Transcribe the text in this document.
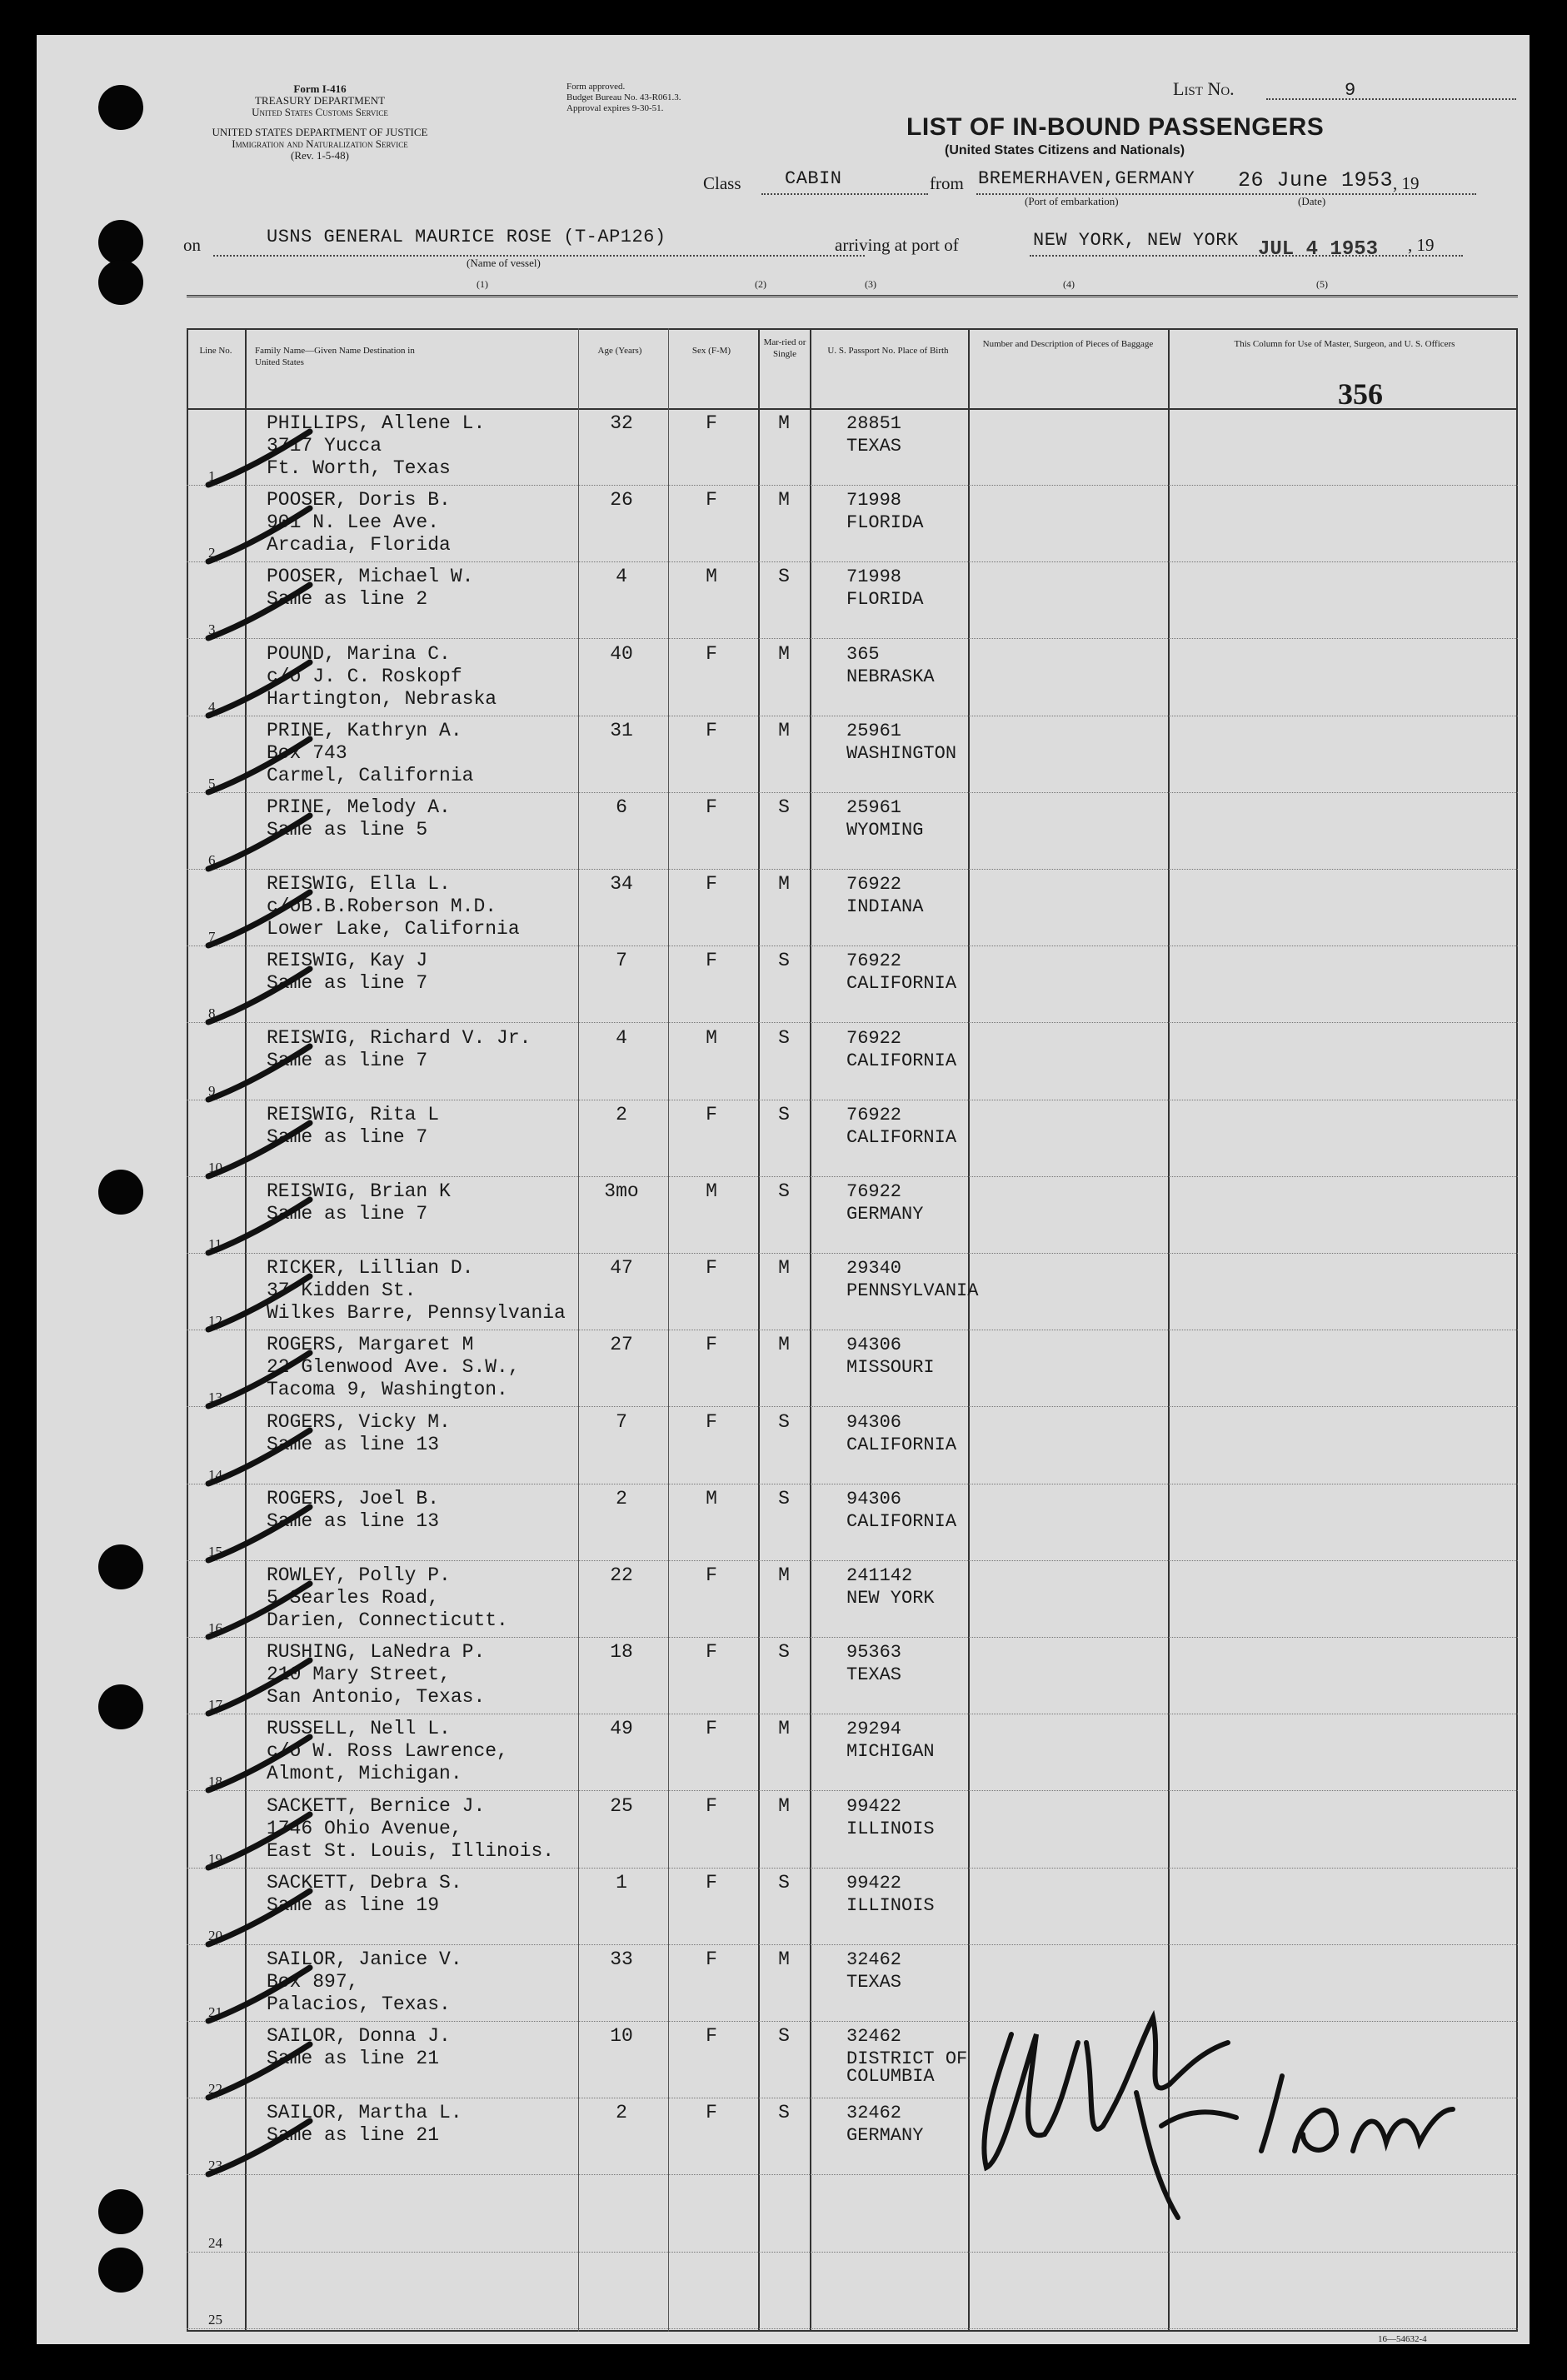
Form I-416
TREASURY DEPARTMENT
United States Customs Service
UNITED STATES DEPARTMENT OF JUSTICE
Immigration and Naturalization Service
(Rev. 1-5-48)
Form approved.
Budget Bureau No. 43-R061.3.
Approval expires 9-30-51.
List No.	9
LIST OF IN-BOUND PASSENGERS
(United States Citizens and Nationals)
Class CABIN	from BREMERHAVEN,GERMANY 26 June 1953 , 19
(Port of embarkation)	(Date)
on	USNS GENERAL MAURICE ROSE (T-AP126)
(Name of vessel)
arriving at port of	NEW YORK, NEW YORK JUL 4 1953 , 19
(1)	(2)	(3)	(4)	(5)
Line No.	Family Name—Given Name Destination in United States
Age (Years)	Sex (F-M)
Mar-ried or Single	U. S. Passport No. Place of Birth
Number and Description of Pieces of Baggage	This Column for Use of Master, Surgeon, and U. S. Officers
1
PHILLIPS, Allene L.
3717 Yucca
Ft. Worth, Texas
32	F	M	28851
TEXAS
2
POOSER, Doris B.
901 N. Lee Ave.
Arcadia, Florida
26	F	M	71998
FLORIDA
3
POOSER, Michael W.
Same as line 2
4	M	S	71998
FLORIDA
4
POUND, Marina C.
c/o J. C. Roskopf
Hartington, Nebraska
40	F	M	365
NEBRASKA
5
PRINE, Kathryn A.
Box 743
Carmel, California
31	F	M	25961
WASHINGTON
6
PRINE, Melody A.
Same as line 5
6	F	S	25961
WYOMING
7
REISWIG, Ella L.
c/oB.B.Roberson M.D.
Lower Lake, California
34	F	M	76922
INDIANA
8
REISWIG, Kay J
Same as line 7
7	F	S	76922
CALIFORNIA
9
REISWIG, Richard V. Jr.
Same as line 7
4	M	S	76922
CALIFORNIA
10
REISWIG, Rita L
Same as line 7
2	F	S	76922
CALIFORNIA
11
REISWIG, Brian K
Same as line 7
3mo	M	S	76922
GERMANY
12
RICKER, Lillian D.
37 Kidden St.
Wilkes Barre, Pennsylvania
47	F	M	29340
PENNSYLVANIA
13
ROGERS, Margaret M
22 Glenwood Ave. S.W.,
Tacoma 9, Washington.
27	F	M	94306
MISSOURI
14
ROGERS, Vicky M.
Same as line 13
7	F	S	94306
CALIFORNIA
15
ROGERS, Joel B.
Same as line 13
2	M	S	94306
CALIFORNIA
16
ROWLEY, Polly P.
5 Searles Road,
Darien, Connecticutt.
22	F	M	241142
NEW YORK
17
RUSHING, LaNedra P.
210 Mary Street,
San Antonio, Texas.
18	F	S	95363
TEXAS
18
RUSSELL, Nell L.
c/o W. Ross Lawrence,
Almont, Michigan.
49	F	M	29294
MICHIGAN
19
SACKETT, Bernice J.
1746 Ohio Avenue,
East St. Louis, Illinois.
25	F	M	99422
ILLINOIS
20
SACKETT, Debra S.
Same as line 19
1	F	S	99422
ILLINOIS
21
SAILOR, Janice V.
Box 897,
Palacios, Texas.
33	F	M	32462
TEXAS
22
SAILOR, Donna J.
Same as line 21
10	F	S	32462
DISTRICT OF
COLUMBIA
23
SAILOR, Martha L.
Same as line 21
2	F	S	32462
GERMANY
24
25
356
16—54632-4
